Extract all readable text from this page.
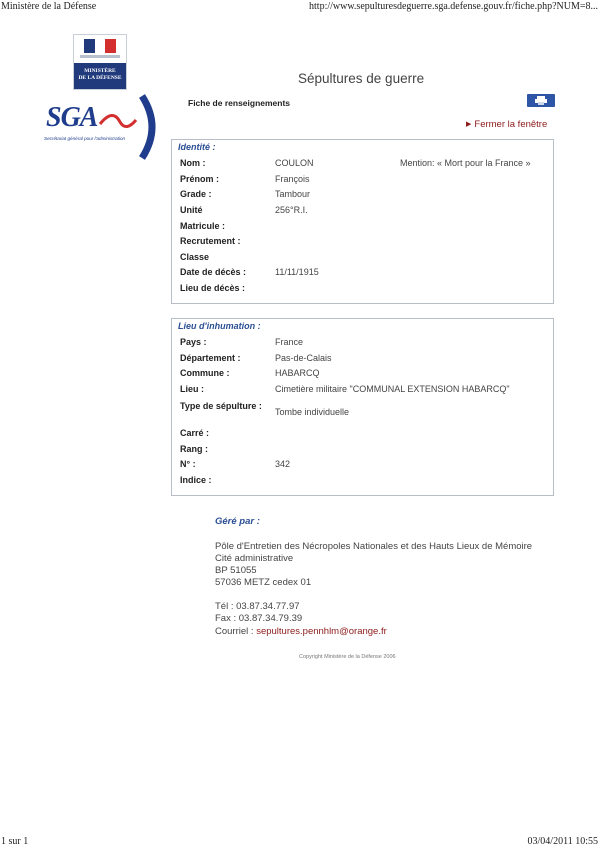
Ministère de la Défense	http://www.sepulturesdeguerre.sga.defense.gouv.fr/fiche.php?NUM=8...
MINISTÈRE
DE LA DÉFENSE	Sépultures de guerre
SGA
Secrétariat général pour l'administration
Fiche de renseignements
▶ Fermer la fenêtre
Identité :
Mention: « Mort pour la France »
Nom :	COULON
Prénom :	François
Grade :	Tambour
Unité	256°R.I.
Matricule :
Recrutement :
Classe
Date de décès :	11/11/1915
Lieu de décès :
Lieu d'inhumation :
Pays :	France
Département :	Pas-de-Calais
Commune :	HABARCQ
Lieu :	Cimetière militaire "COMMUNAL EXTENSION HABARCQ"
Type de sépulture :
Tombe individuelle
Carré :
Rang :
N° :	342
Indice :
Géré par :
Pôle d'Entretien des Nécropoles Nationales et des Hauts Lieux de Mémoire
Cité administrative
BP 51055
57036 METZ cedex 01
Tél : 03.87.34.77.97
Fax : 03.87.34.79.39
Courriel : sepultures.pennhlm@orange.fr
Copyright Ministère de la Défense 2006
1 sur 1	03/04/2011 10:55
